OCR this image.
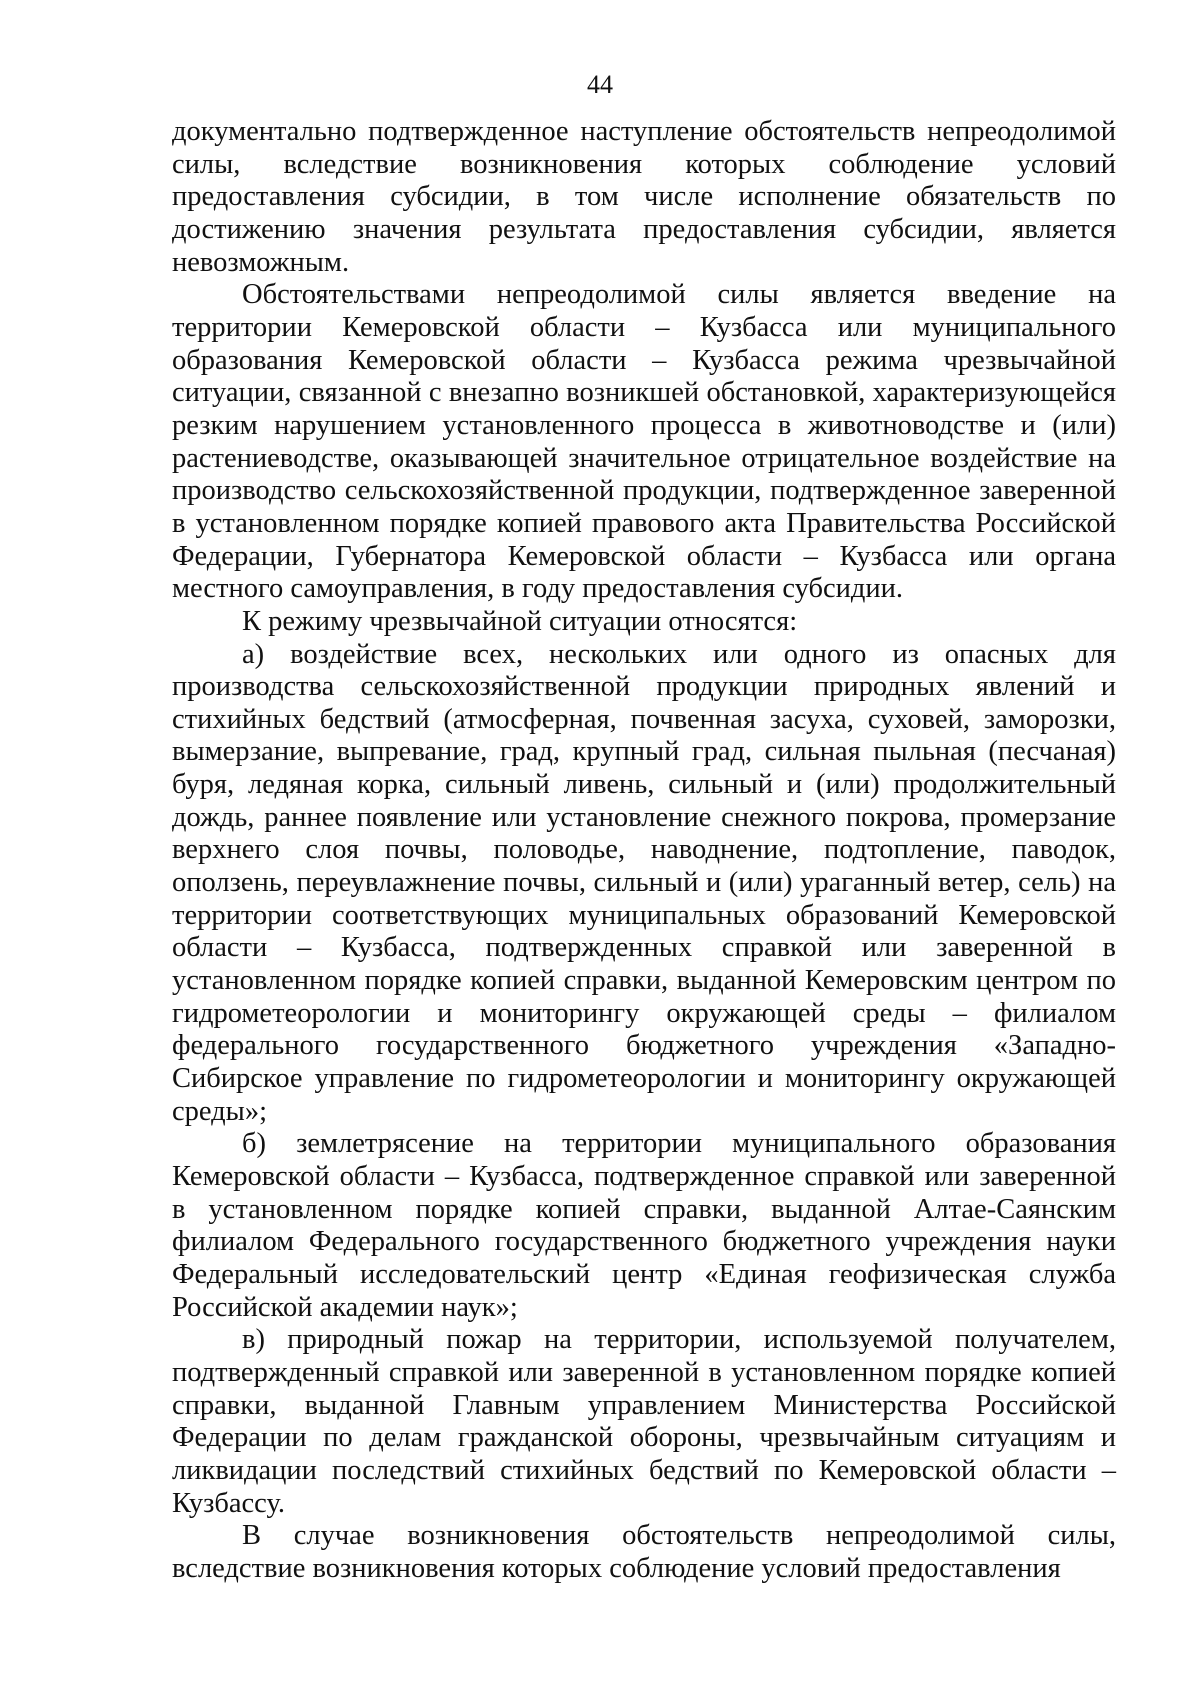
44

документально подтвержденное наступление обстоятельств непреодолимой силы, вследствие возникновения которых соблюдение условий предоставления субсидии, в том числе исполнение обязательств по достижению значения результата предоставления субсидии, является невозможным.

Обстоятельствами непреодолимой силы является введение на территории Кемеровской области – Кузбасса или муниципального образования Кемеровской области – Кузбасса режима чрезвычайной ситуации, связанной с внезапно возникшей обстановкой, характеризующейся резким нарушением установленного процесса в животноводстве и (или) растениеводстве, оказывающей значительное отрицательное воздействие на производство сельскохозяйственной продукции, подтвержденное заверенной в установленном порядке копией правового акта Правительства Российской Федерации, Губернатора Кемеровской области – Кузбасса или органа местного самоуправления, в году предоставления субсидии.

К режиму чрезвычайной ситуации относятся:

а) воздействие всех, нескольких или одного из опасных для производства сельскохозяйственной продукции природных явлений и стихийных бедствий (атмосферная, почвенная засуха, суховей, заморозки, вымерзание, выпревание, град, крупный град, сильная пыльная (песчаная) буря, ледяная корка, сильный ливень, сильный и (или) продолжительный дождь, раннее появление или установление снежного покрова, промерзание верхнего слоя почвы, половодье, наводнение, подтопление, паводок, оползень, переувлажнение почвы, сильный и (или) ураганный ветер, сель) на территории соответствующих муниципальных образований Кемеровской области – Кузбасса, подтвержденных справкой или заверенной в установленном порядке копией справки, выданной Кемеровским центром по гидрометеорологии и мониторингу окружающей среды – филиалом федерального государственного бюджетного учреждения «Западно-Сибирское управление по гидрометеорологии и мониторингу окружающей среды»;

б) землетрясение на территории муниципального образования Кемеровской области – Кузбасса, подтвержденное справкой или заверенной в установленном порядке копией справки, выданной Алтае-Саянским филиалом Федерального государственного бюджетного учреждения науки Федеральный исследовательский центр «Единая геофизическая служба Российской академии наук»;

в) природный пожар на территории, используемой получателем, подтвержденный справкой или заверенной в установленном порядке копией справки, выданной Главным управлением Министерства Российской Федерации по делам гражданской обороны, чрезвычайным ситуациям и ликвидации последствий стихийных бедствий по Кемеровской области – Кузбассу.

В случае возникновения обстоятельств непреодолимой силы, вследствие возникновения которых соблюдение условий предоставления
